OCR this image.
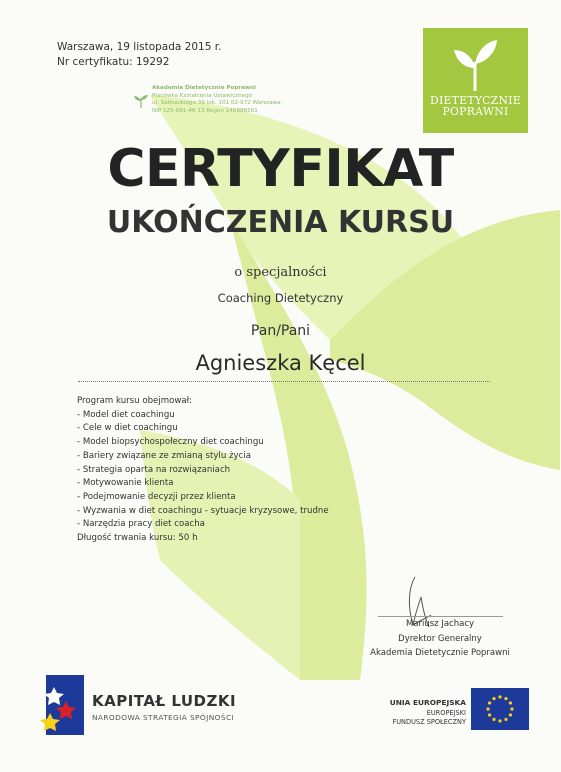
Warszawa, 19 listopada 2015 r.
Nr certyfikatu: 19292
Akademia Dietetycznie Poprawni
Placówka Kształcenia Ustawicznego
ul. Salinackiego 39 lok. 101 02-972 Warszawa
NIP 125-091-46-13 Regon 146886561
DIETETYCZNIE
POPRAWNI
CERTYFIKAT
UKOŃCZENIA KURSU
o specjalności
Coaching Dietetyczny
Pan/Pani
Agnieszka Kęcel
Program kursu obejmował:
- Model diet coachingu
- Cele w diet coachingu
- Model biopsychospołeczny diet coachingu
- Bariery związane ze zmianą stylu życia
- Strategia oparta na rozwiązaniach
- Motywowanie klienta
- Podejmowanie decyzji przez klienta
- Wyzwania w diet coachingu - sytuacje kryzysowe, trudne
- Narzędzia pracy diet coacha
Długość trwania kursu: 50 h
Mariusz Jachacy
Dyrektor Generalny
Akademia Dietetycznie Poprawni
KAPITAŁ LUDZKI
NARODOWA STRATEGIA SPÓJNOŚCI
UNIA EUROPEJSKA
EUROPEJSKI
FUNDUSZ SPOŁECZNY
